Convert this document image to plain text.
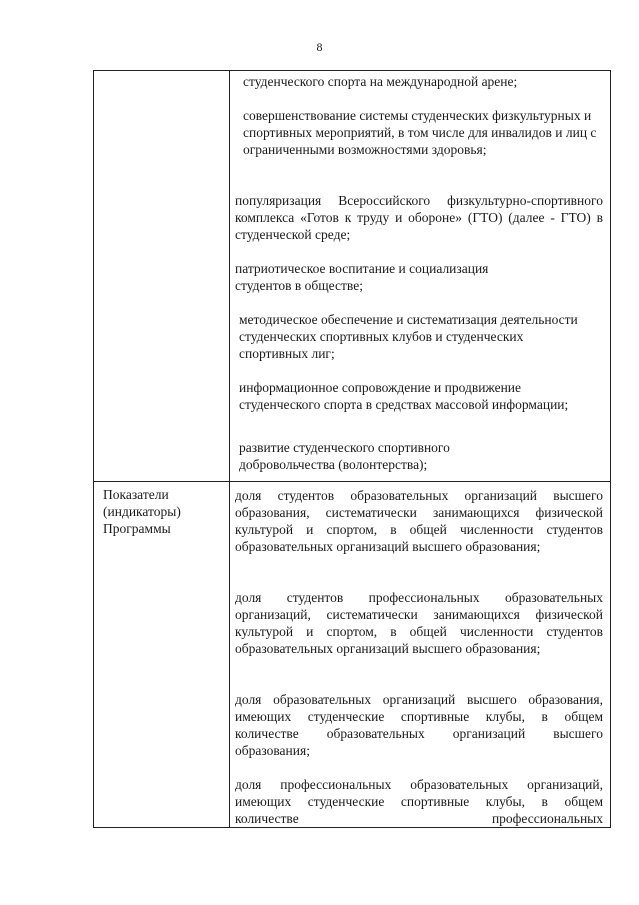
8

студенческого спорта на международной арене;

совершенствование системы студенческих физкультурных и спортивных мероприятий, в том числе для инвалидов и лиц с ограниченными возможностями здоровья;

популяризация Всероссийского физкультурно-спортивного комплекса «Готов к труду и обороне» (ГТО) (далее - ГТО) в студенческой среде;

патриотическое воспитание и социализация студентов в обществе;

методическое обеспечение и систематизация деятельности студенческих спортивных клубов и студенческих спортивных лиг;

информационное сопровождение и продвижение студенческого спорта в средствах массовой информации;

развитие студенческого спортивного добровольчества (волонтерства);

Показатели
(индикаторы)
Программы

доля студентов образовательных организаций высшего образования, систематически занимающихся физической культурой и спортом, в общей численности студентов образовательных организаций высшего образования;

доля студентов профессиональных образовательных организаций, систематически занимающихся физической культурой и спортом, в общей численности студентов образовательных организаций высшего образования;

доля образовательных организаций высшего образования, имеющих студенческие спортивные клубы, в общем количестве образовательных организаций высшего образования;

доля профессиональных образовательных организаций, имеющих студенческие спортивные клубы, в общем количестве профессиональных
